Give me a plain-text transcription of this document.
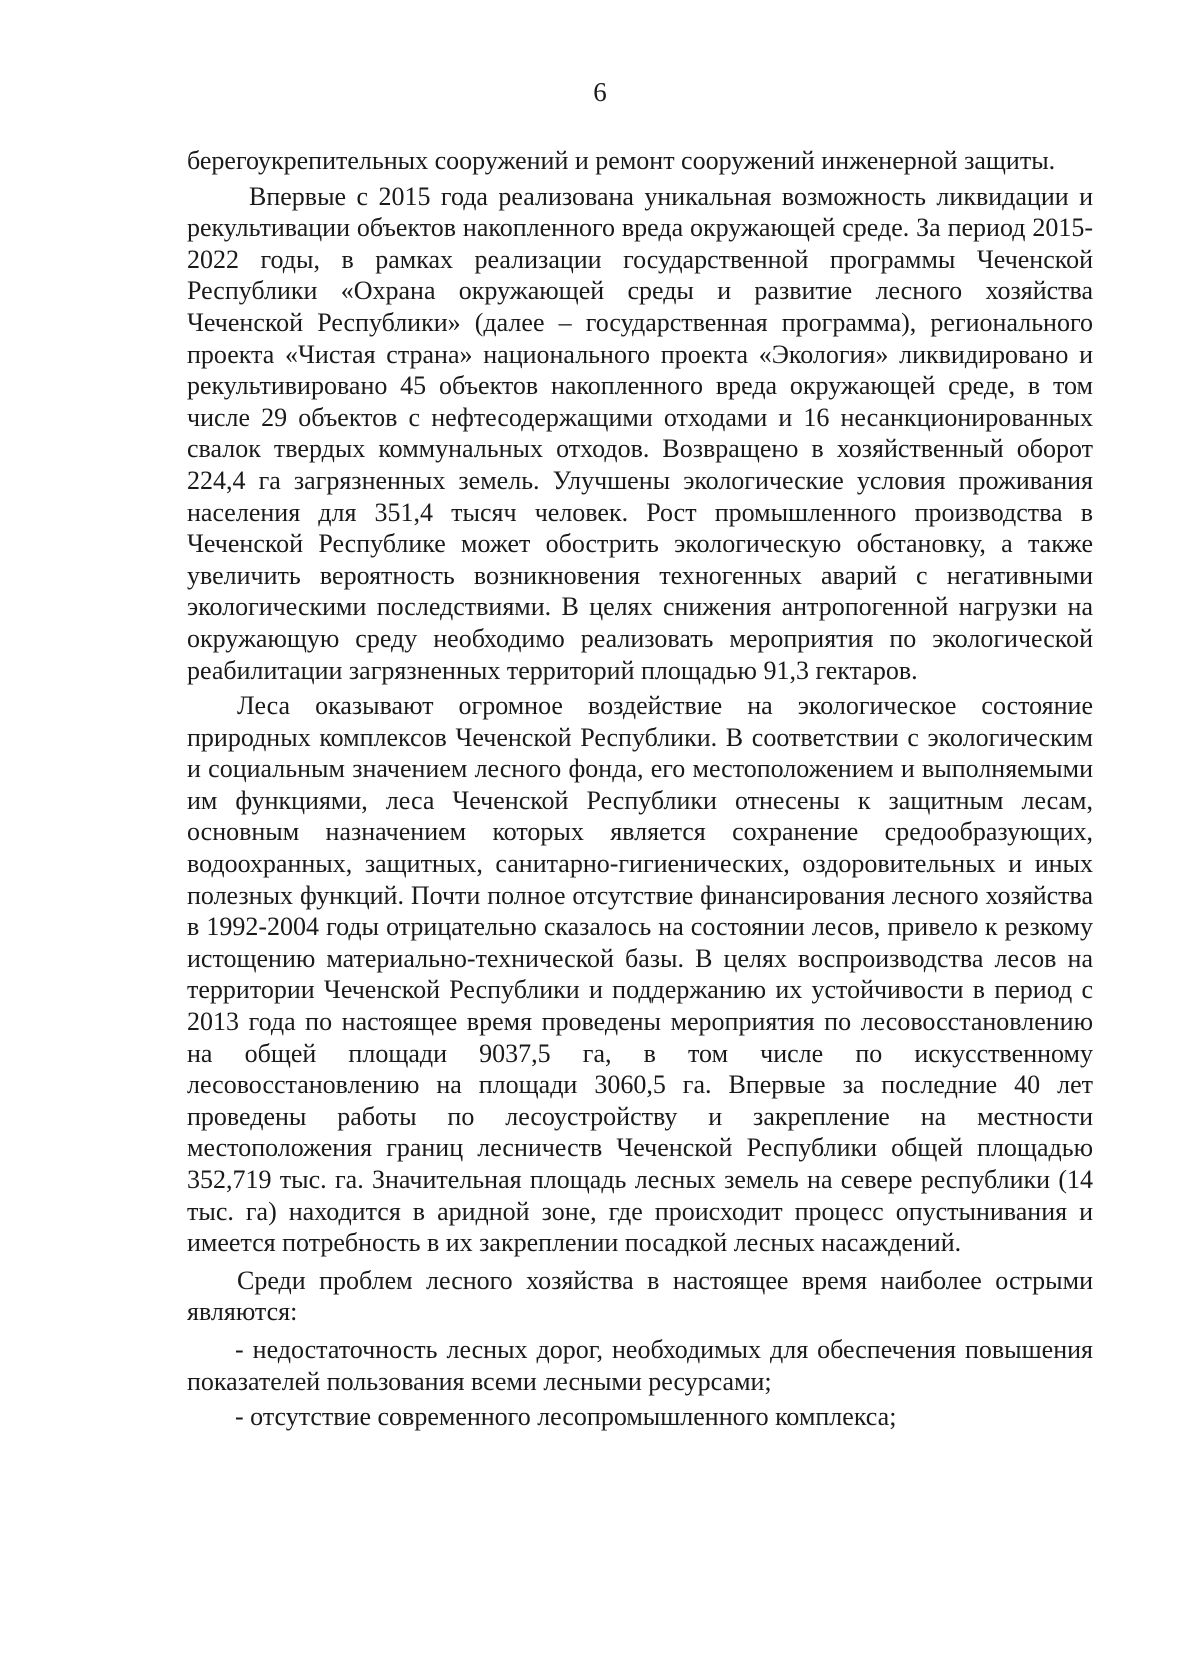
6

берегоукрепительных сооружений и ремонт сооружений инженерной защиты.

Впервые с 2015 года реализована уникальная возможность ликвидации и рекультивации объектов накопленного вреда окружающей среде. За период 2015-2022 годы, в рамках реализации государственной программы Чеченской Республики «Охрана окружающей среды и развитие лесного хозяйства Чеченской Республики» (далее – государственная программа), регионального проекта «Чистая страна» национального проекта «Экология» ликвидировано и рекультивировано 45 объектов накопленного вреда окружающей среде, в том числе 29 объектов с нефтесодержащими отходами и 16 несанкционированных свалок твердых коммунальных отходов. Возвращено в хозяйственный оборот 224,4 га загрязненных земель. Улучшены экологические условия проживания населения для 351,4 тысяч человек. Рост промышленного производства в Чеченской Республике может обострить экологическую обстановку, а также увеличить вероятность возникновения техногенных аварий с негативными экологическими последствиями. В целях снижения антропогенной нагрузки на окружающую среду необходимо реализовать мероприятия по экологической реабилитации загрязненных территорий площадью 91,3 гектаров.

Леса оказывают огромное воздействие на экологическое состояние природных комплексов Чеченской Республики. В соответствии с экологическим и социальным значением лесного фонда, его местоположением и выполняемыми им функциями, леса Чеченской Республики отнесены к защитным лесам, основным назначением которых является сохранение средообразующих, водоохранных, защитных, санитарно-гигиенических, оздоровительных и иных полезных функций. Почти полное отсутствие финансирования лесного хозяйства в 1992-2004 годы отрицательно сказалось на состоянии лесов, привело к резкому истощению материально-технической базы. В целях воспроизводства лесов на территории Чеченской Республики и поддержанию их устойчивости в период с 2013 года по настоящее время проведены мероприятия по лесовосстановлению на общей площади 9037,5 га, в том числе по искусственному лесовосстановлению на площади 3060,5 га. Впервые за последние 40 лет проведены работы по лесоустройству и закрепление на местности местоположения границ лесничеств Чеченской Республики общей площадью 352,719 тыс. га. Значительная площадь лесных земель на севере республики (14 тыс. га) находится в аридной зоне, где происходит процесс опустынивания и имеется потребность в их закреплении посадкой лесных насаждений.

Среди проблем лесного хозяйства в настоящее время наиболее острыми являются:

- недостаточность лесных дорог, необходимых для обеспечения повышения показателей пользования всеми лесными ресурсами;

- отсутствие современного лесопромышленного комплекса;
